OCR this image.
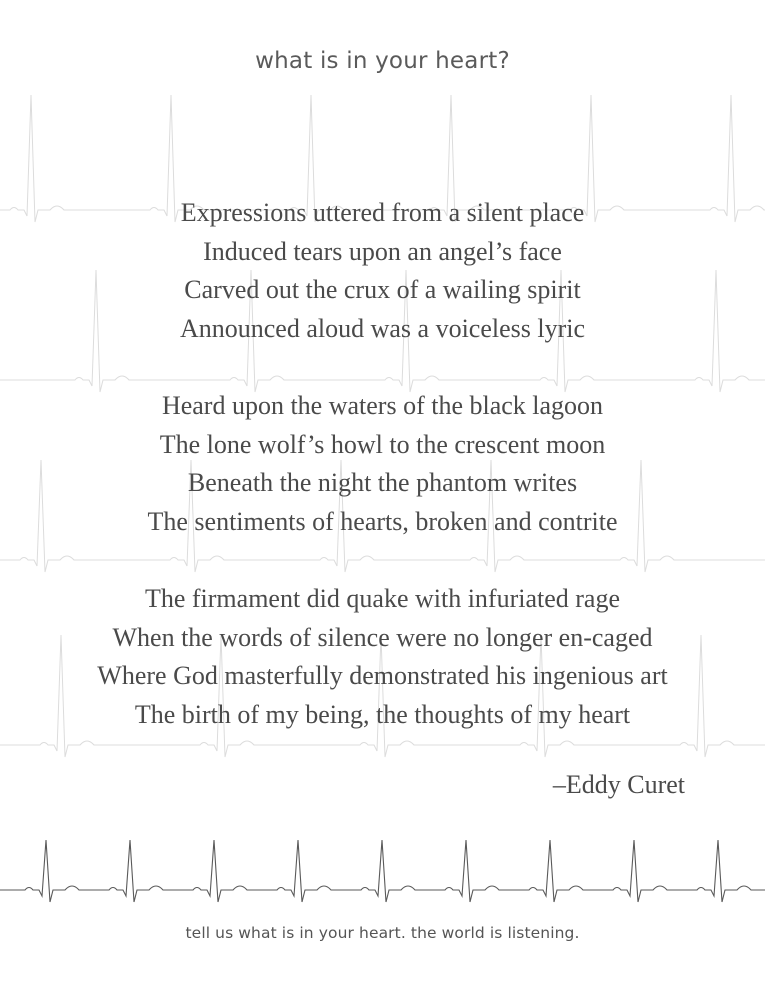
what is in your heart?
Expressions uttered from a silent place
Induced tears upon an angel’s face
Carved out the crux of a wailing spirit
Announced aloud was a voiceless lyric
Heard upon the waters of the black lagoon
The lone wolf’s howl to the crescent moon
Beneath the night the phantom writes
The sentiments of hearts, broken and contrite
The firmament did quake with infuriated rage
When the words of silence were no longer en-caged
Where God masterfully demonstrated his ingenious art
The birth of my being, the thoughts of my heart
–Eddy Curet
tell us what is in your heart. the world is listening.
